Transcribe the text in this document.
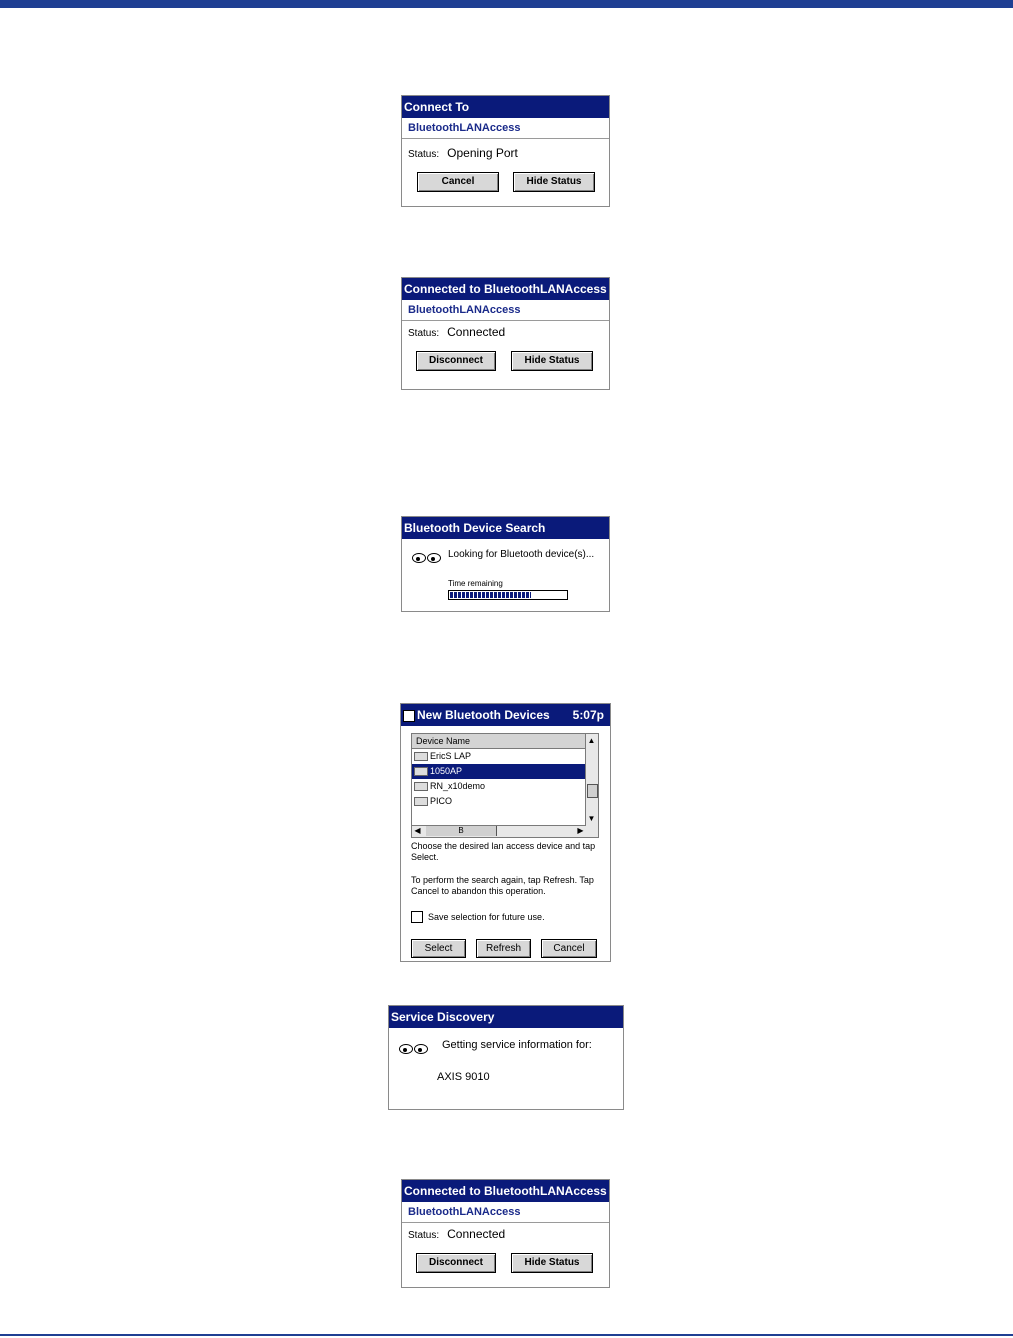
Connect To
BluetoothLANAccess
Status: Opening Port
Cancel	Hide Status
Connected to BluetoothLANAccess
BluetoothLANAccess
Status: Connected
Disconnect	Hide Status
Bluetooth Device Search
Looking for Bluetooth device(s)...
Time remaining
New Bluetooth Devices 5:07p
Device Name
EricS LAP
1050AP
RN_x10demo
PICO
▲
▼
◀	B	▶
Choose the desired lan access device and tap Select.
To perform the search again, tap Refresh. Tap Cancel to abandon this operation.
Save selection for future use.
Select	Refresh	Cancel
Service Discovery
Getting service information for:
AXIS 9010
Connected to BluetoothLANAccess
BluetoothLANAccess
Status: Connected
Disconnect	Hide Status
